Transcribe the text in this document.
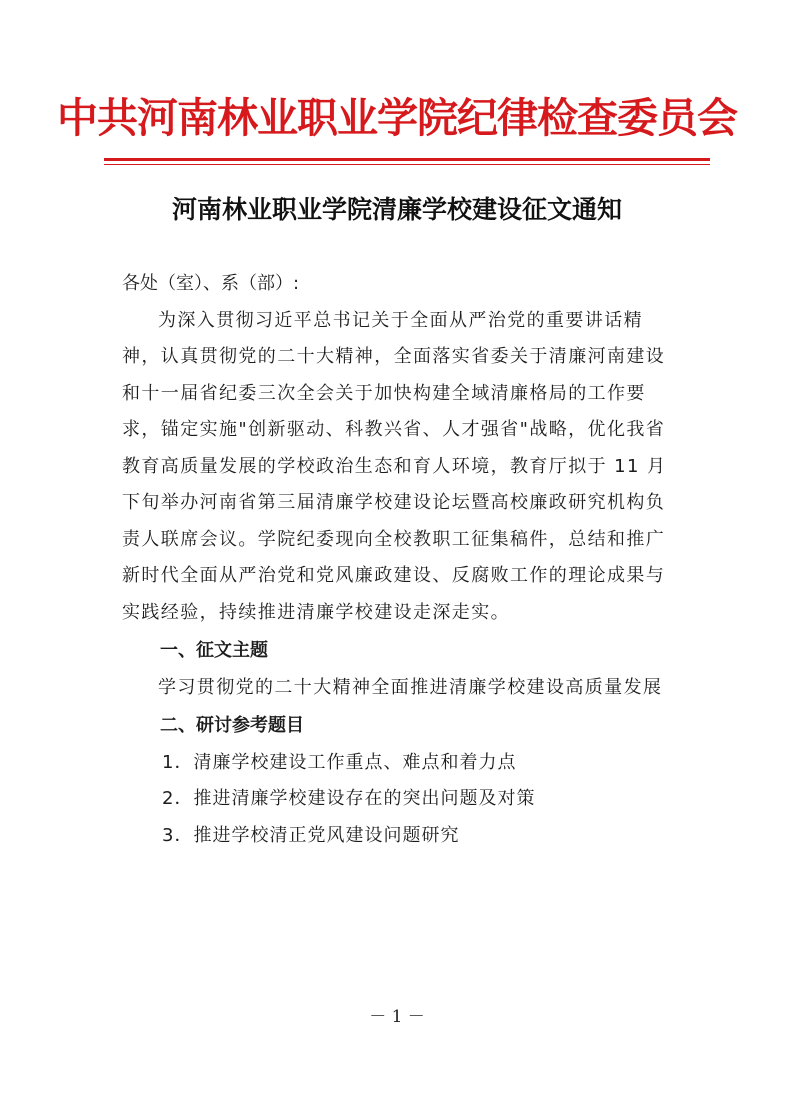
中共河南林业职业学院纪律检查委员会
河南林业职业学院清廉学校建设征文通知

各处（室）、系（部）:

为深入贯彻习近平总书记关于全面从严治党的重要讲话精神，认真贯彻党的二十大精神，全面落实省委关于清廉河南建设和十一届省纪委三次全会关于加快构建全域清廉格局的工作要求，锚定实施"创新驱动、科教兴省、人才强省"战略，优化我省教育高质量发展的学校政治生态和育人环境，教育厅拟于 11 月下旬举办河南省第三届清廉学校建设论坛暨高校廉政研究机构负责人联席会议。学院纪委现向全校教职工征集稿件，总结和推广新时代全面从严治党和党风廉政建设、反腐败工作的理论成果与实践经验，持续推进清廉学校建设走深走实。

一、征文主题

学习贯彻党的二十大精神全面推进清廉学校建设高质量发展

二、研讨参考题目

1．清廉学校建设工作重点、难点和着力点

2．推进清廉学校建设存在的突出问题及对策

3．推进学校清正党风建设问题研究

－ 1 －
